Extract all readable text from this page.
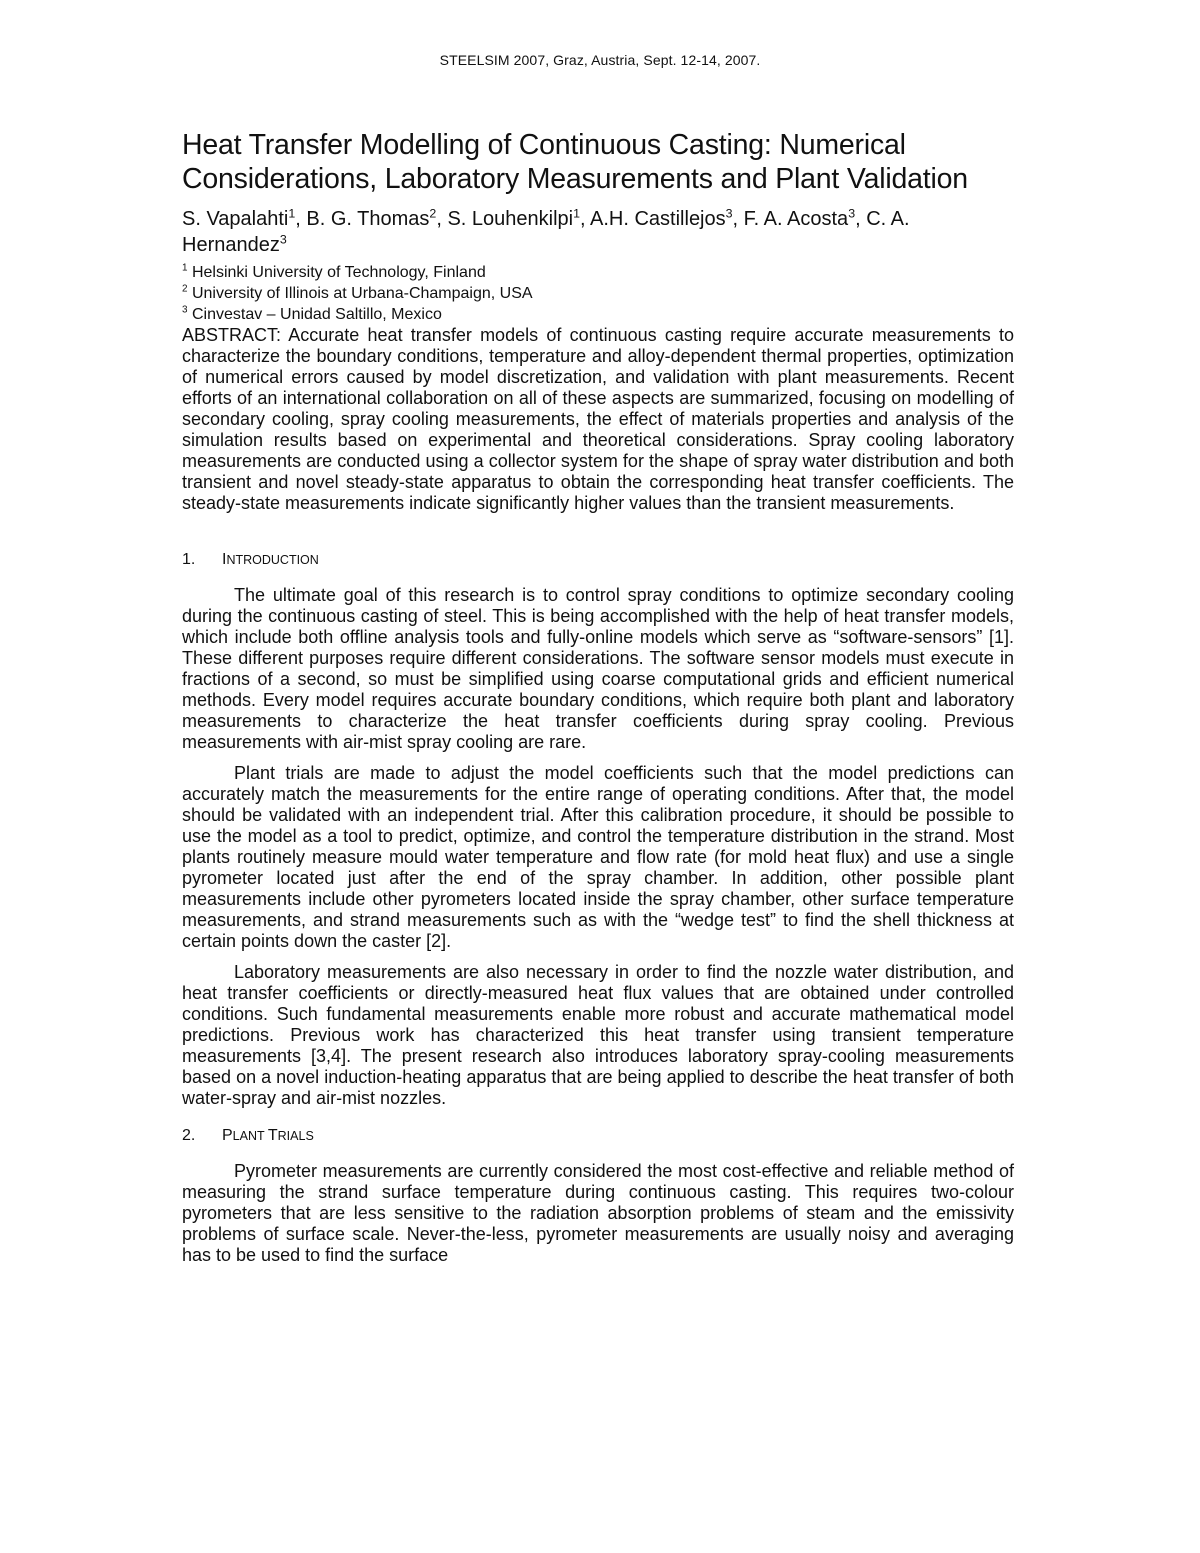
STEELSIM 2007, Graz, Austria, Sept. 12-14, 2007.
Heat Transfer Modelling of Continuous Casting: Numerical
Considerations, Laboratory Measurements and Plant Validation
S. Vapalahti$^1$, B. G. Thomas$^2$, S. Louhenkilpi$^1$, A.H. Castillejos$^3$, F. A. Acosta$^3$, C. A. Hernandez$^3$
$^1$ Helsinki University of Technology, Finland
$^2$ University of Illinois at Urbana-Champaign, USA
$^3$ Cinvestav – Unidad Saltillo, Mexico

ABSTRACT: Accurate heat transfer models of continuous casting require accurate measurements to characterize the boundary conditions, temperature and alloy-dependent thermal properties, optimization of numerical errors caused by model discretization, and validation with plant measurements. Recent efforts of an international collaboration on all of these aspects are summarized, focusing on modelling of secondary cooling, spray cooling measurements, the effect of materials properties and analysis of the simulation results based on experimental and theoretical considerations. Spray cooling laboratory measurements are conducted using a collector system for the shape of spray water distribution and both transient and novel steady-state apparatus to obtain the corresponding heat transfer coefficients. The steady-state measurements indicate significantly higher values than the transient measurements.

1. INTRODUCTION

The ultimate goal of this research is to control spray conditions to optimize secondary cooling during the continuous casting of steel. This is being accomplished with the help of heat transfer models, which include both offline analysis tools and fully-online models which serve as “software-sensors” [1]. These different purposes require different considerations. The software sensor models must execute in fractions of a second, so must be simplified using coarse computational grids and efficient numerical methods. Every model requires accurate boundary conditions, which require both plant and laboratory measurements to characterize the heat transfer coefficients during spray cooling. Previous measurements with air-mist spray cooling are rare.

Plant trials are made to adjust the model coefficients such that the model predictions can accurately match the measurements for the entire range of operating conditions. After that, the model should be validated with an independent trial. After this calibration procedure, it should be possible to use the model as a tool to predict, optimize, and control the temperature distribution in the strand. Most plants routinely measure mould water temperature and flow rate (for mold heat flux) and use a single pyrometer located just after the end of the spray chamber. In addition, other possible plant measurements include other pyrometers located inside the spray chamber, other surface temperature measurements, and strand measurements such as with the “wedge test” to find the shell thickness at certain points down the caster [2].

Laboratory measurements are also necessary in order to find the nozzle water distribution, and heat transfer coefficients or directly-measured heat flux values that are obtained under controlled conditions. Such fundamental measurements enable more robust and accurate mathematical model predictions. Previous work has characterized this heat transfer using transient temperature measurements [3,4]. The present research also introduces laboratory spray-cooling measurements based on a novel induction-heating apparatus that are being applied to describe the heat transfer of both water-spray and air-mist nozzles.

2. PLANT TRIALS

Pyrometer measurements are currently considered the most cost-effective and reliable method of measuring the strand surface temperature during continuous casting. This requires two-colour pyrometers that are less sensitive to the radiation absorption problems of steam and the emissivity problems of surface scale. Never-the-less, pyrometer measurements are usually noisy and averaging has to be used to find the surface
